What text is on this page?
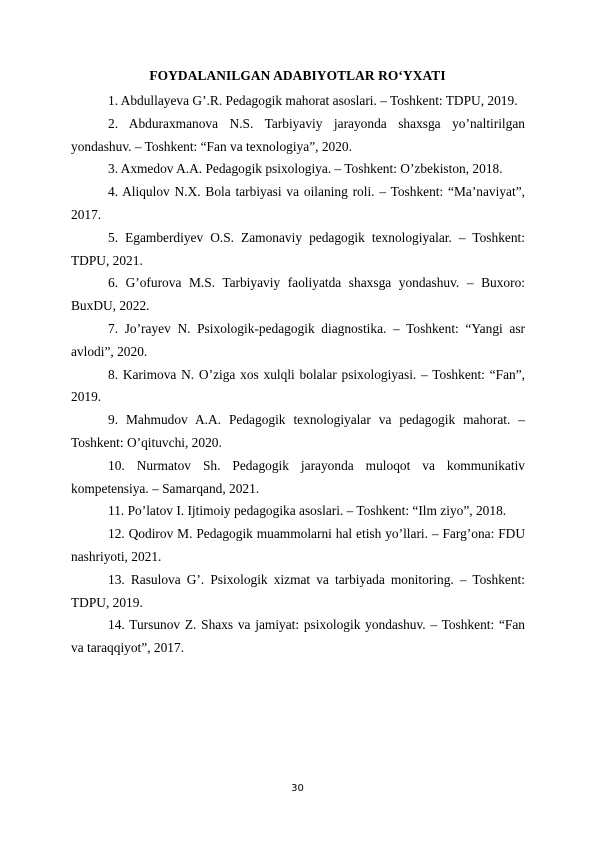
FOYDALANILGAN ADABIYOTLAR RO‘YXATI

1. Abdullayeva G’.R. Pedagogik mahorat asoslari. – Toshkent: TDPU, 2019.

2. Abduraxmanova N.S. Tarbiyaviy jarayonda shaxsga yo’naltirilgan yondashuv. – Toshkent: “Fan va texnologiya”, 2020.

3. Axmedov A.A. Pedagogik psixologiya. – Toshkent: O’zbekiston, 2018.

4. Aliqulov N.X. Bola tarbiyasi va oilaning roli. – Toshkent: “Ma’naviyat”, 2017.

5. Egamberdiyev O.S. Zamonaviy pedagogik texnologiyalar. – Toshkent: TDPU, 2021.

6. G’ofurova M.S. Tarbiyaviy faoliyatda shaxsga yondashuv. – Buxoro: BuxDU, 2022.

7. Jo’rayev N. Psixologik-pedagogik diagnostika. – Toshkent: “Yangi asr avlodi”, 2020.

8. Karimova N. O’ziga xos xulqli bolalar psixologiyasi. – Toshkent: “Fan”, 2019.

9. Mahmudov A.A. Pedagogik texnologiyalar va pedagogik mahorat. – Toshkent: O’qituvchi, 2020.

10. Nurmatov Sh. Pedagogik jarayonda muloqot va kommunikativ kompetensiya. – Samarqand, 2021.

11. Po’latov I. Ijtimoiy pedagogika asoslari. – Toshkent: “Ilm ziyo”, 2018.

12. Qodirov M. Pedagogik muammolarni hal etish yo’llari. – Farg’ona: FDU nashriyoti, 2021.

13. Rasulova G’. Psixologik xizmat va tarbiyada monitoring. – Toshkent: TDPU, 2019.

14. Tursunov Z. Shaxs va jamiyat: psixologik yondashuv. – Toshkent: “Fan va taraqqiyot”, 2017.

30
